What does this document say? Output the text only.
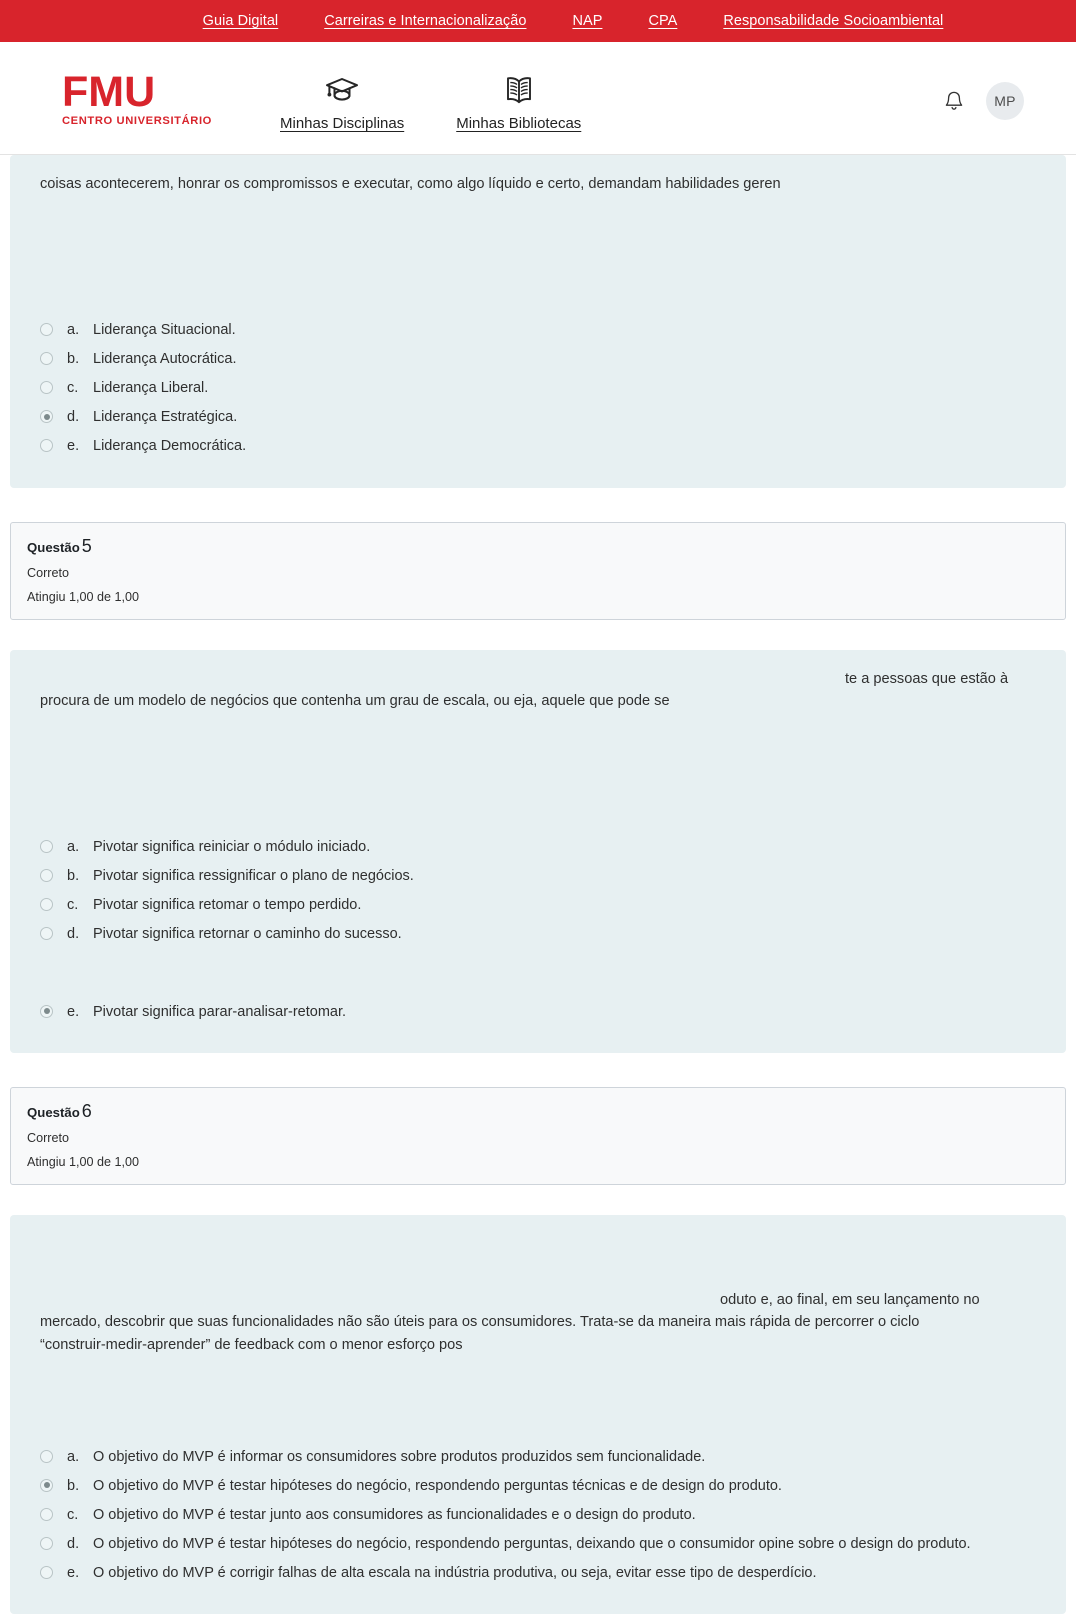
Guia Digital	Carreiras e Internacionalização	NAP	CPA	Responsabilidade Socioambiental
FMU
CENTRO UNIVERSITÁRIO	Minhas Disciplinas	Minhas Bibliotecas
MP
coisas acontecerem, honrar os compromissos e executar, como algo líquido e certo, demandam habilidades geren
a. Liderança Situacional.
b. Liderança Autocrática.
c.	Liderança Liberal.
d. Liderança Estratégica.
e. Liderança Democrática.
Questão 5
Correto
Atingiu 1,00 de 1,00
te a pessoas que estão à
procura de um modelo de negócios que contenha um grau de escala, ou eja, aquele que pode se
a. Pivotar significa reiniciar o módulo iniciado.
b. Pivotar significa ressignificar o plano de negócios.
c.	Pivotar significa retomar o tempo perdido.
d. Pivotar significa retornar o caminho do sucesso.
e. Pivotar significa parar-analisar-retomar.
Questão 6
Correto
Atingiu 1,00 de 1,00
oduto e, ao final, em seu lançamento no
mercado, descobrir que suas funcionalidades não são úteis para os consumidores. Trata-se da maneira mais rápida de percorrer o ciclo
“construir-medir-aprender” de feedback com o menor esforço pos
a. O objetivo do MVP é informar os consumidores sobre produtos produzidos sem funcionalidade.
b. O objetivo do MVP é testar hipóteses do negócio, respondendo perguntas técnicas e de design do produto.
c.	O objetivo do MVP é testar junto aos consumidores as funcionalidades e o design do produto.
d. O objetivo do MVP é testar hipóteses do negócio, respondendo perguntas, deixando que o consumidor opine sobre o design do produto.
e. O objetivo do MVP é corrigir falhas de alta escala na indústria produtiva, ou seja, evitar esse tipo de desperdício.
